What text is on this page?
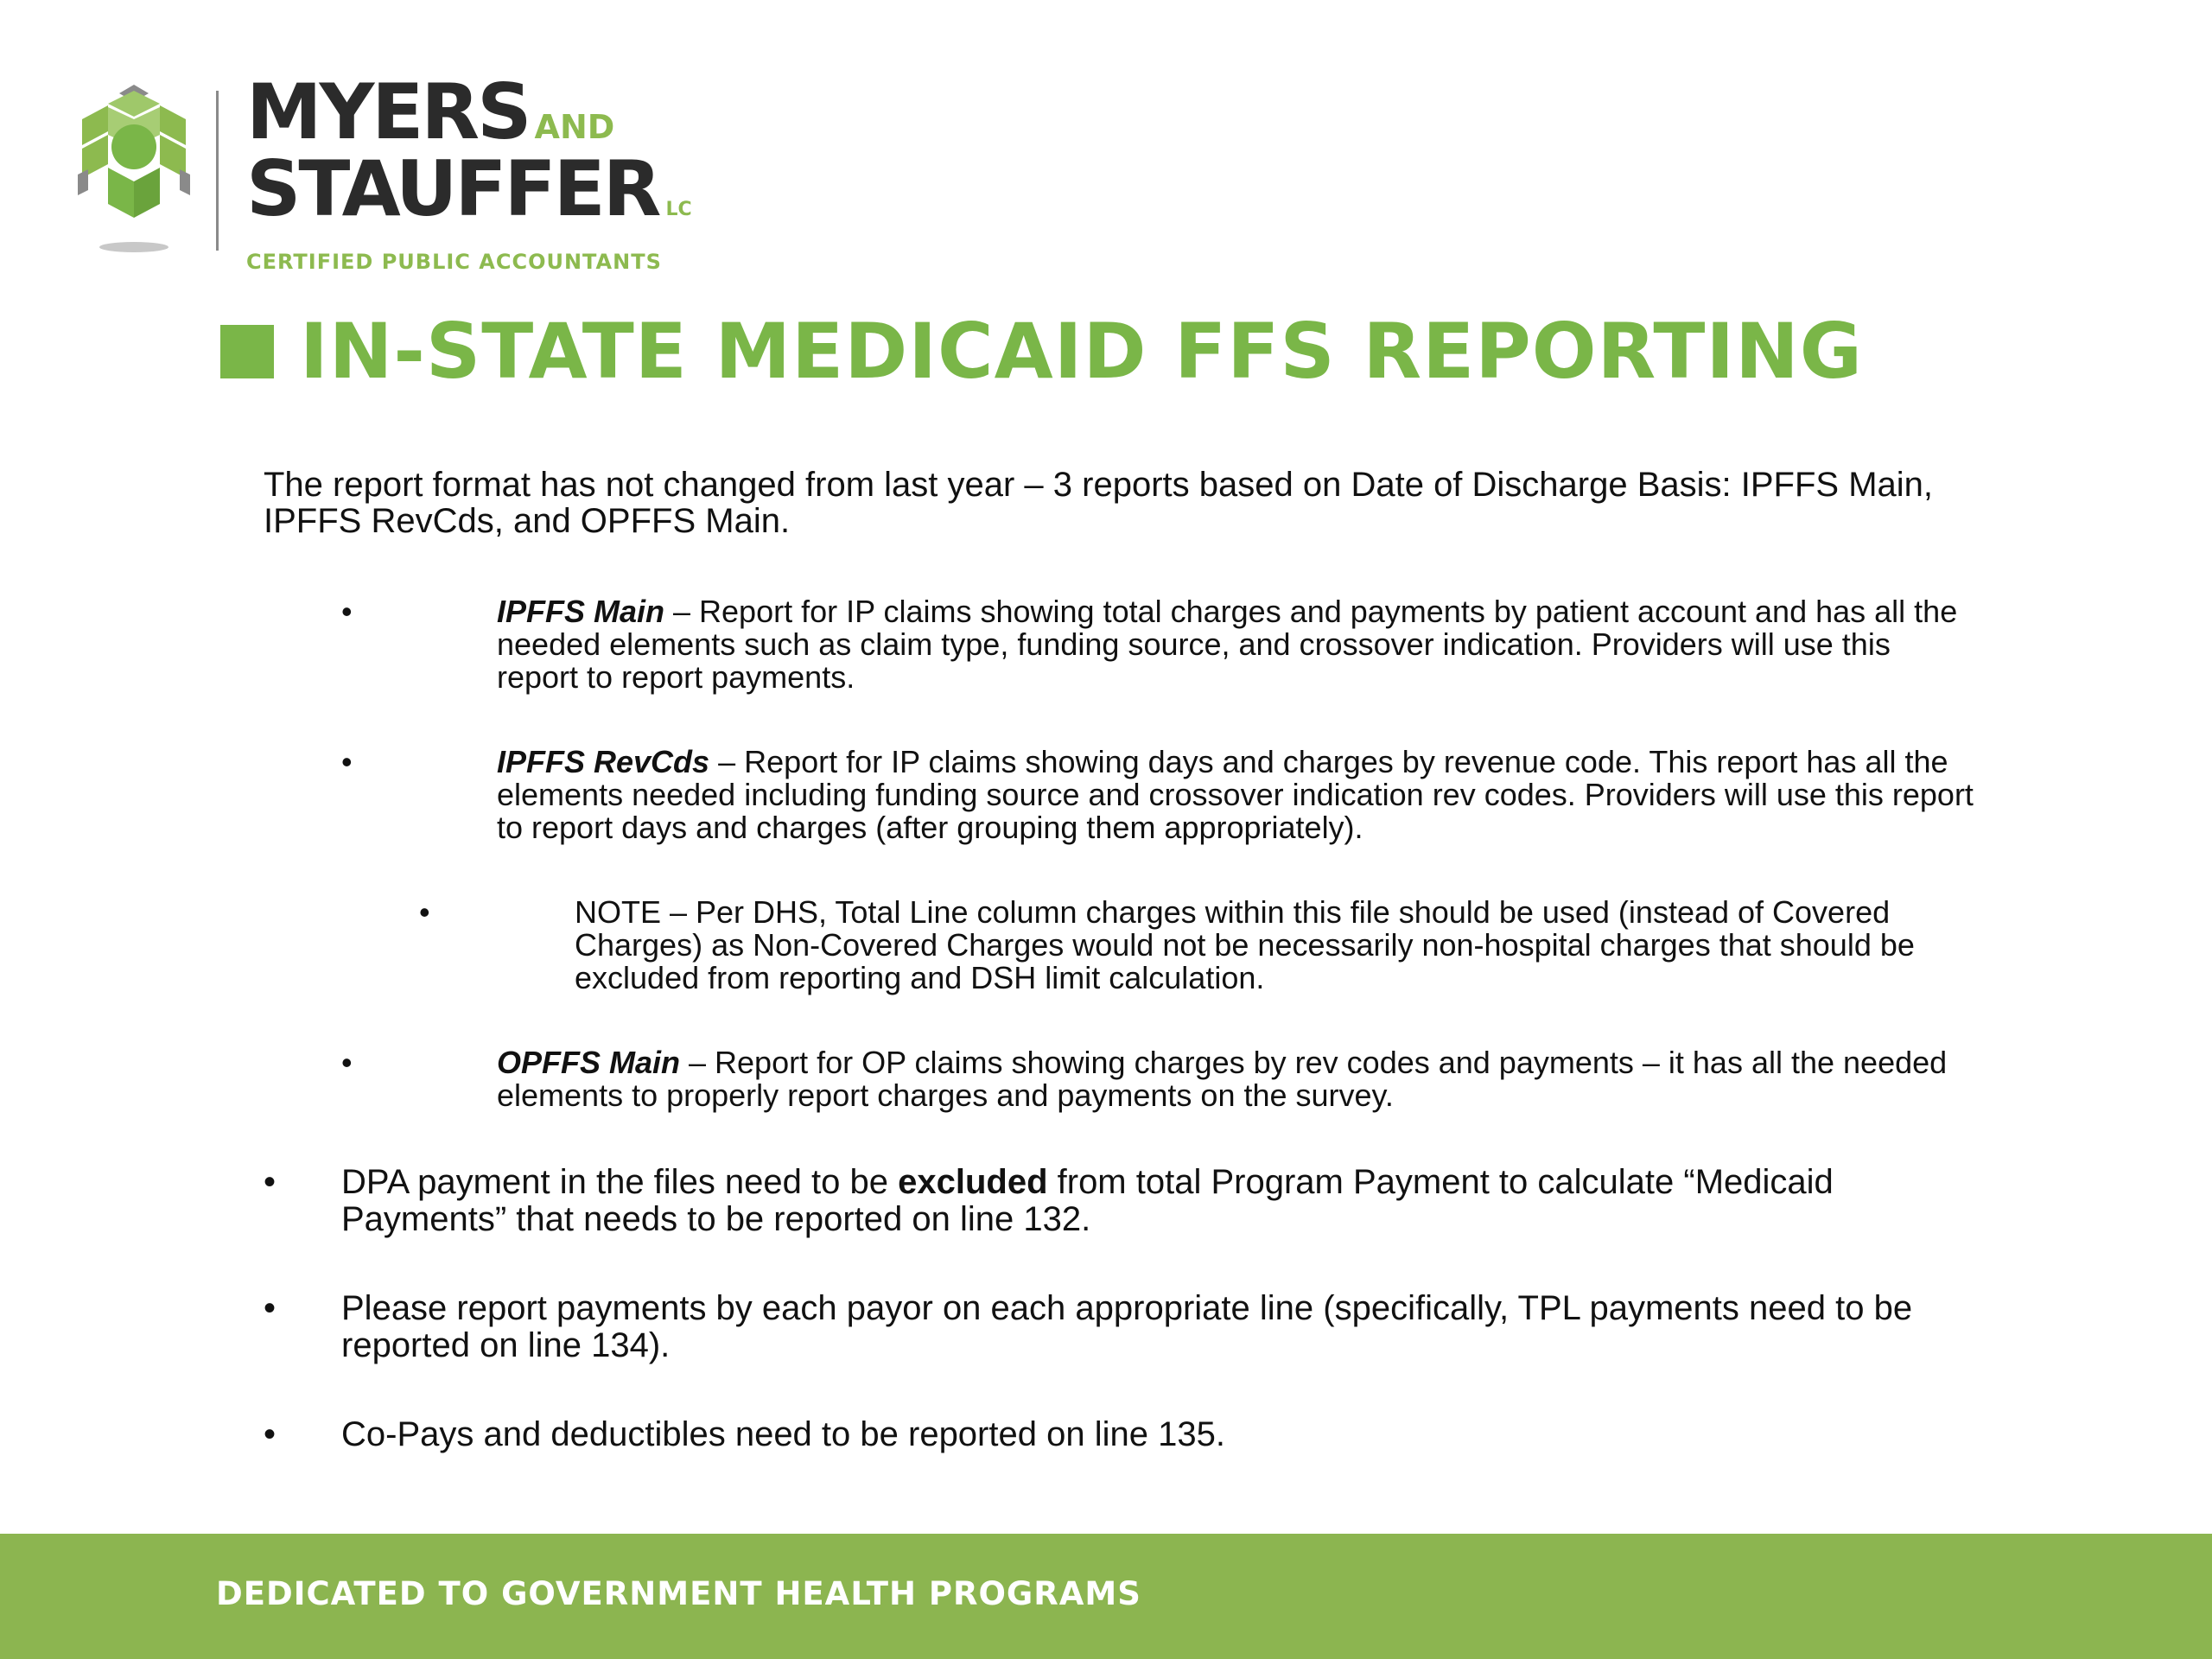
MYERS AND
STAUFFER LC
CERTIFIED PUBLIC ACCOUNTANTS
IN-STATE MEDICAID FFS REPORTING

The report format has not changed from last year – 3 reports based on Date of Discharge Basis: IPFFS Main, IPFFS RevCds, and OPFFS Main.

•	IPFFS Main – Report for IP claims showing total charges and payments by patient account and has all the needed elements such as claim type, funding source, and crossover indication. Providers will use this report to report payments.

•	IPFFS RevCds – Report for IP claims showing days and charges by revenue code. This report has all the elements needed including funding source and crossover indication rev codes. Providers will use this report to report days and charges (after grouping them appropriately).

•	NOTE – Per DHS, Total Line column charges within this file should be used (instead of Covered Charges) as Non-Covered Charges would not be necessarily non-hospital charges that should be excluded from reporting and DSH limit calculation.

•	OPFFS Main – Report for OP claims showing charges by rev codes and payments – it has all the needed elements to properly report charges and payments on the survey.

• DPA payment in the files need to be excluded from total Program Payment to calculate “Medicaid Payments” that needs to be reported on line 132.

• Please report payments by each payor on each appropriate line (specifically, TPL payments need to be reported on line 134).

• Co-Pays and deductibles need to be reported on line 135.

DEDICATED TO GOVERNMENT HEALTH PROGRAMS
